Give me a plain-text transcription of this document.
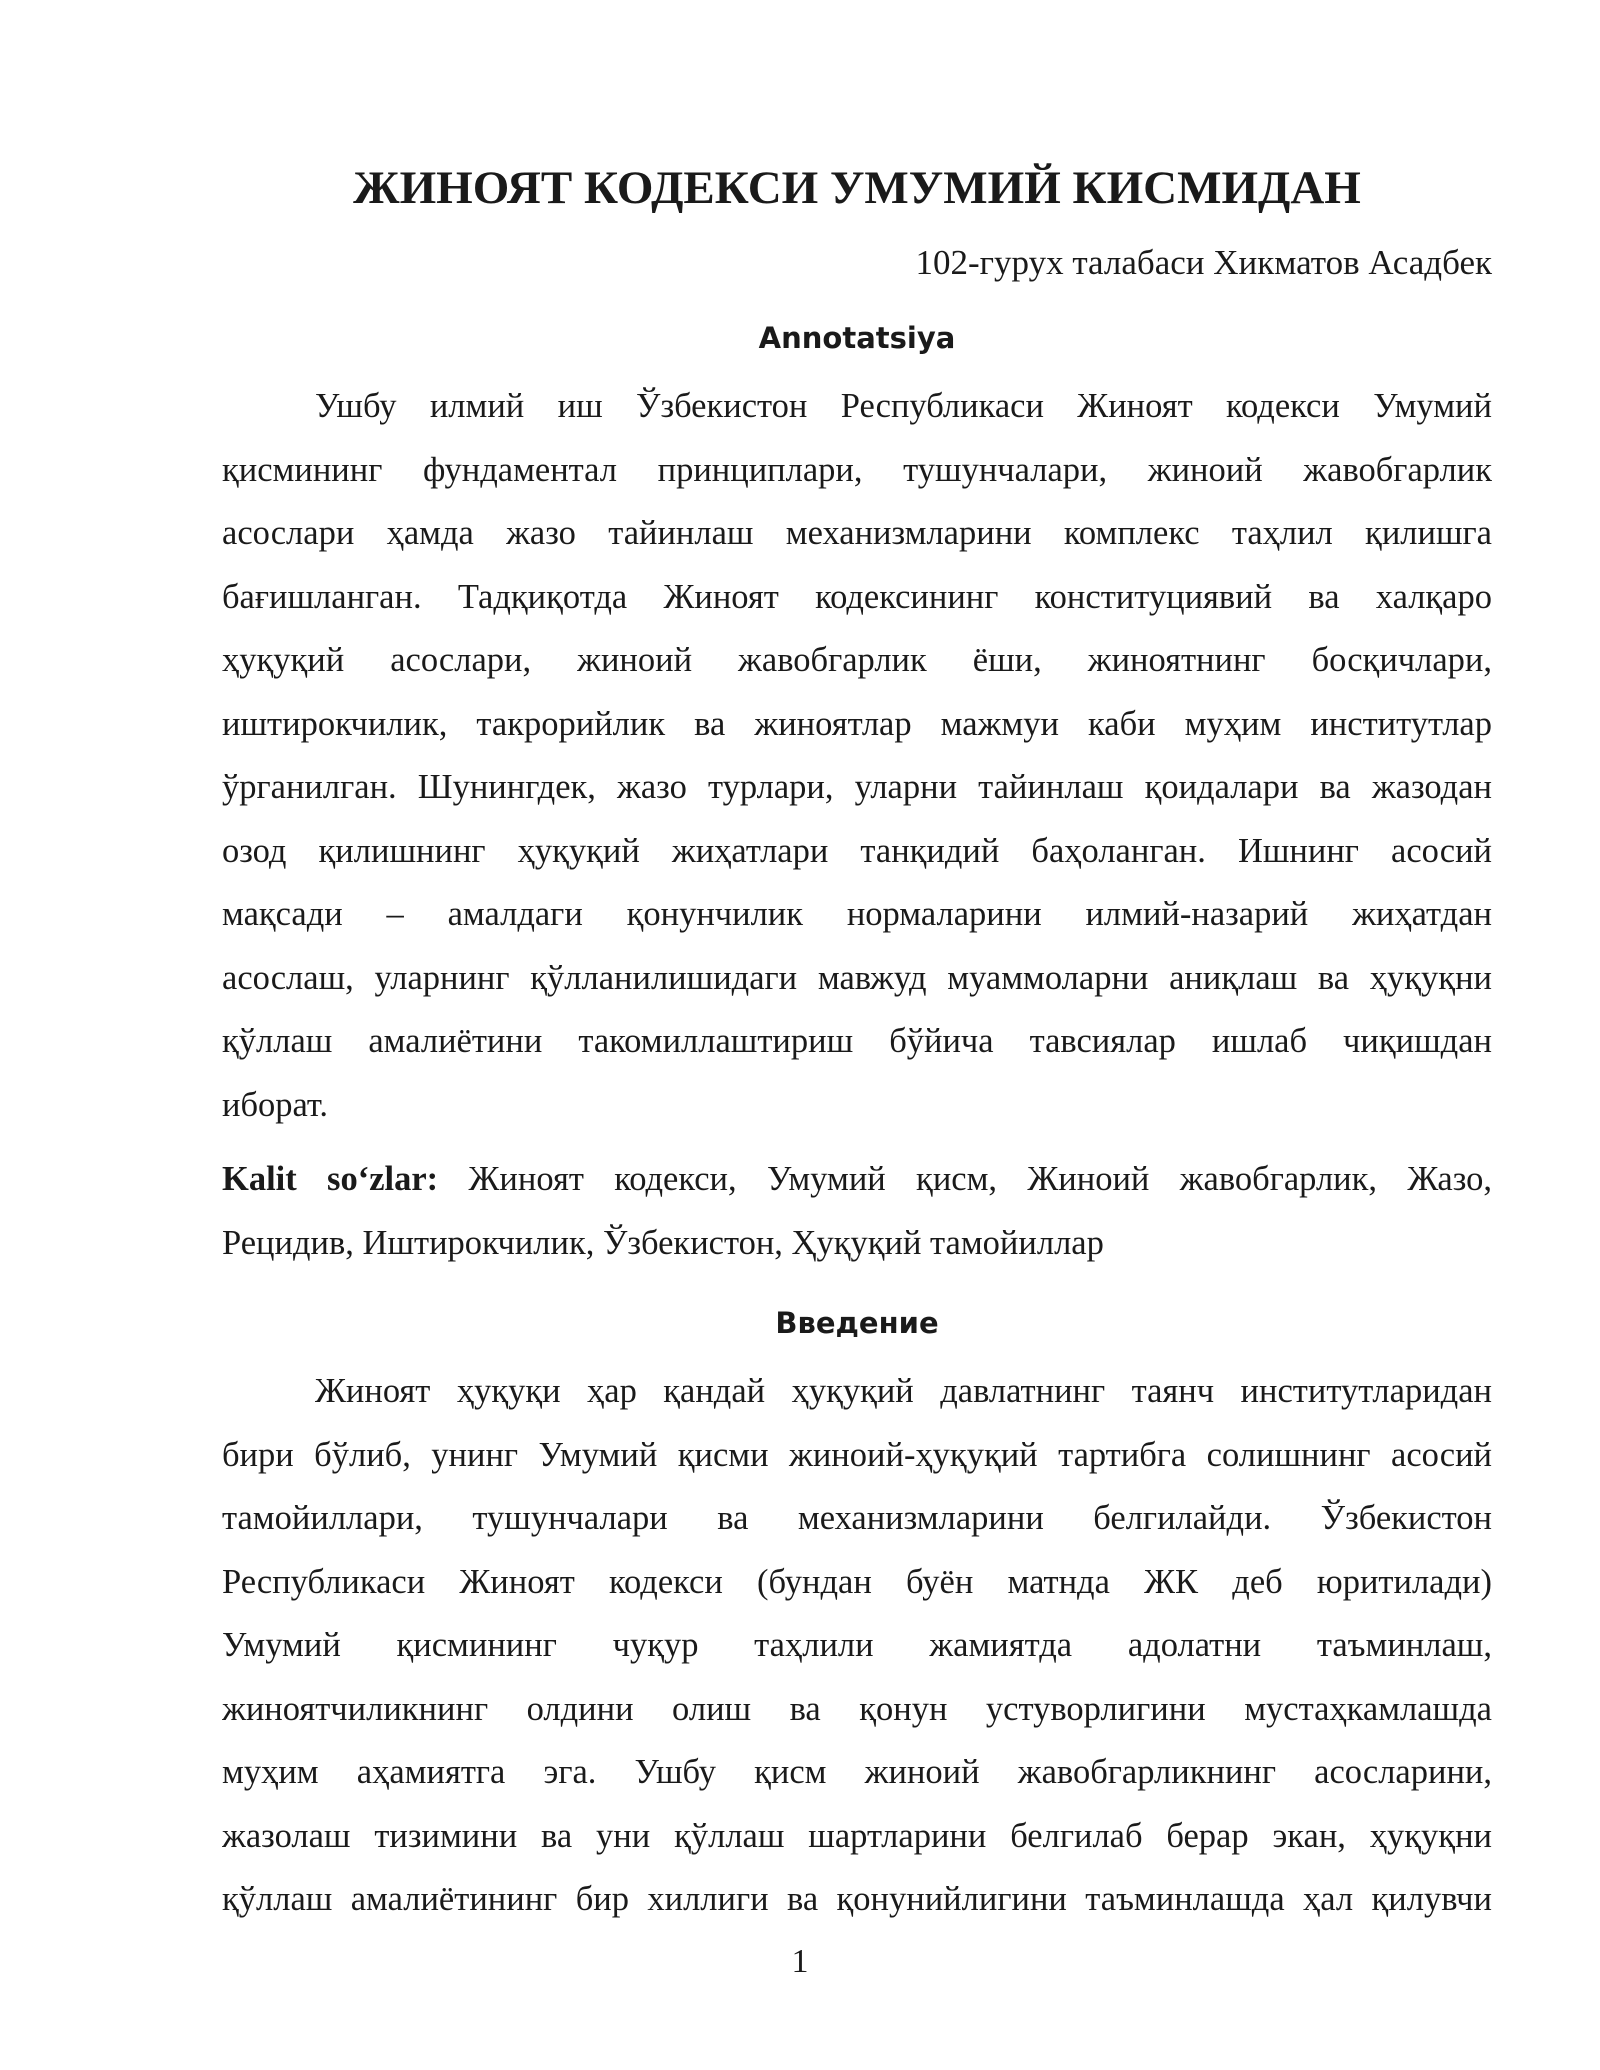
ЖИНОЯТ КОДЕКСИ УМУМИЙ КИСМИДАН
102-гурух талабаси Хикматов Асадбек
Annotatsiya
Ушбу илмий иш Ўзбекистон Республикаси Жиноят кодекси Умумий
қисмининг фундаментал принциплари, тушунчалари, жиноий жавобгарлик
асослари ҳамда жазо тайинлаш механизмларини комплекс таҳлил қилишга
бағишланган. Тадқиқотда Жиноят кодексининг конституциявий ва халқаро
ҳуқуқий асослари, жиноий жавобгарлик ёши, жиноятнинг босқичлари,
иштирокчилик, такрорийлик ва жиноятлар мажмуи каби муҳим институтлар
ўрганилган. Шунингдек, жазо турлари, уларни тайинлаш қоидалари ва жазодан
озод қилишнинг ҳуқуқий жиҳатлари танқидий баҳоланган. Ишнинг асосий
мақсади – амалдаги қонунчилик нормаларини илмий-назарий жиҳатдан
асослаш, уларнинг қўлланилишидаги мавжуд муаммоларни аниқлаш ва ҳуқуқни
қўллаш амалиётини такомиллаштириш бўйича тавсиялар ишлаб чиқишдан
иборат.
Kalit so‘zlar: Жиноят кодекси, Умумий қисм, Жиноий жавобгарлик, Жазо,
Рецидив, Иштирокчилик, Ўзбекистон, Ҳуқуқий тамойиллар
Введение
Жиноят ҳуқуқи ҳар қандай ҳуқуқий давлатнинг таянч институтларидан
бири бўлиб, унинг Умумий қисми жиноий-ҳуқуқий тартибга солишнинг асосий
тамойиллари, тушунчалари ва механизмларини белгилайди. Ўзбекистон
Республикаси Жиноят кодекси (бундан буён матнда ЖК деб юритилади)
Умумий қисмининг чуқур таҳлили жамиятда адолатни таъминлаш,
жиноятчиликнинг олдини олиш ва қонун устуворлигини мустаҳкамлашда
муҳим аҳамиятга эга. Ушбу қисм жиноий жавобгарликнинг асосларини,
жазолаш тизимини ва уни қўллаш шартларини белгилаб берар экан, ҳуқуқни
қўллаш амалиётининг бир хиллиги ва қонунийлигини таъминлашда ҳал қилувчи
1
